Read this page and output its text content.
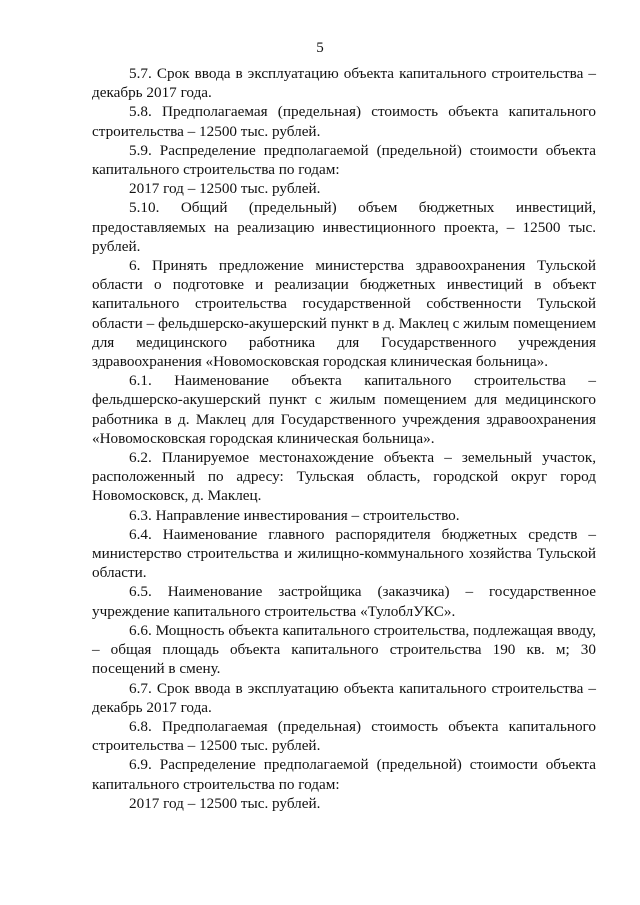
5

5.7. Срок ввода в эксплуатацию объекта капитального строительства – декабрь 2017 года.

5.8. Предполагаемая (предельная) стоимость объекта капитального строительства – 12500 тыс. рублей.

5.9. Распределение предполагаемой (предельной) стоимости объекта капитального строительства по годам:

2017 год – 12500 тыс. рублей.

5.10. Общий (предельный) объем бюджетных инвестиций, предоставляемых на реализацию инвестиционного проекта, – 12500 тыс. рублей.

6. Принять предложение министерства здравоохранения Тульской области о подготовке и реализации бюджетных инвестиций в объект капитального строительства государственной собственности Тульской области – фельдшерско-акушерский пункт в д. Маклец с жилым помещением для медицинского работника для Государственного учреждения здравоохранения «Новомосковская городская клиническая больница».

6.1. Наименование объекта капитального строительства – фельдшерско-акушерский пункт с жилым помещением для медицинского работника в д. Маклец для Государственного учреждения здравоохранения «Новомосковская городская клиническая больница».

6.2. Планируемое местонахождение объекта – земельный участок, расположенный по адресу: Тульская область, городской округ город Новомосковск, д. Маклец.

6.3. Направление инвестирования – строительство.

6.4. Наименование главного распорядителя бюджетных средств – министерство строительства и жилищно-коммунального хозяйства Тульской области.

6.5. Наименование застройщика (заказчика) – государственное учреждение капитального строительства «ТулоблУКС».

6.6. Мощность объекта капитального строительства, подлежащая вводу, – общая площадь объекта капитального строительства 190 кв. м; 30 посещений в смену.

6.7. Срок ввода в эксплуатацию объекта капитального строительства – декабрь 2017 года.

6.8. Предполагаемая (предельная) стоимость объекта капитального строительства – 12500 тыс. рублей.

6.9. Распределение предполагаемой (предельной) стоимости объекта капитального строительства по годам:

2017 год – 12500 тыс. рублей.
